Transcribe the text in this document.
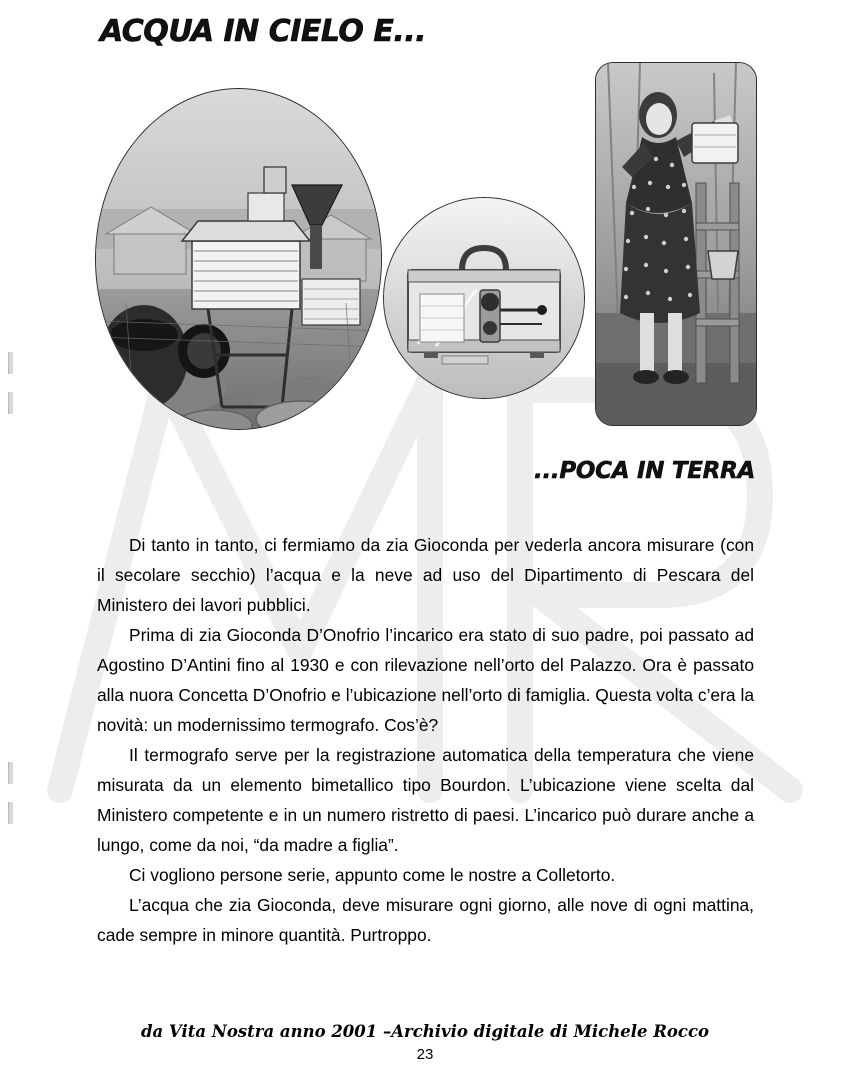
ACQUA IN CIELO E...
...POCA IN TERRA

Di tanto in tanto, ci fermiamo da zia Gioconda per vederla ancora misurare (con il secolare secchio) l’acqua e la neve ad uso del Dipartimento di Pescara del Ministero dei lavori pubblici.

Prima di zia Gioconda D’Onofrio l’incarico era stato di suo padre, poi passato ad Agostino D’Antini fino al 1930 e con rilevazione nell’orto del Palazzo. Ora è passato alla nuora Concetta D’Onofrio e l’ubicazione nell’orto di famiglia. Questa volta c’era la novità: un modernissimo termografo. Cos’è?

Il termografo serve per la registrazione automatica della temperatura che viene misurata da un elemento bimetallico tipo Bourdon. L’ubicazione viene scelta dal Ministero competente e in un numero ristretto di paesi. L’incarico può durare anche a lungo, come da noi, “da madre a figlia”.

Ci vogliono persone serie, appunto come le nostre a Colletorto.

L’acqua che zia Gioconda, deve misurare ogni giorno, alle nove di ogni mattina, cade sempre in minore quantità. Purtroppo.

da Vita Nostra anno 2001 –Archivio digitale di Michele Rocco
23
